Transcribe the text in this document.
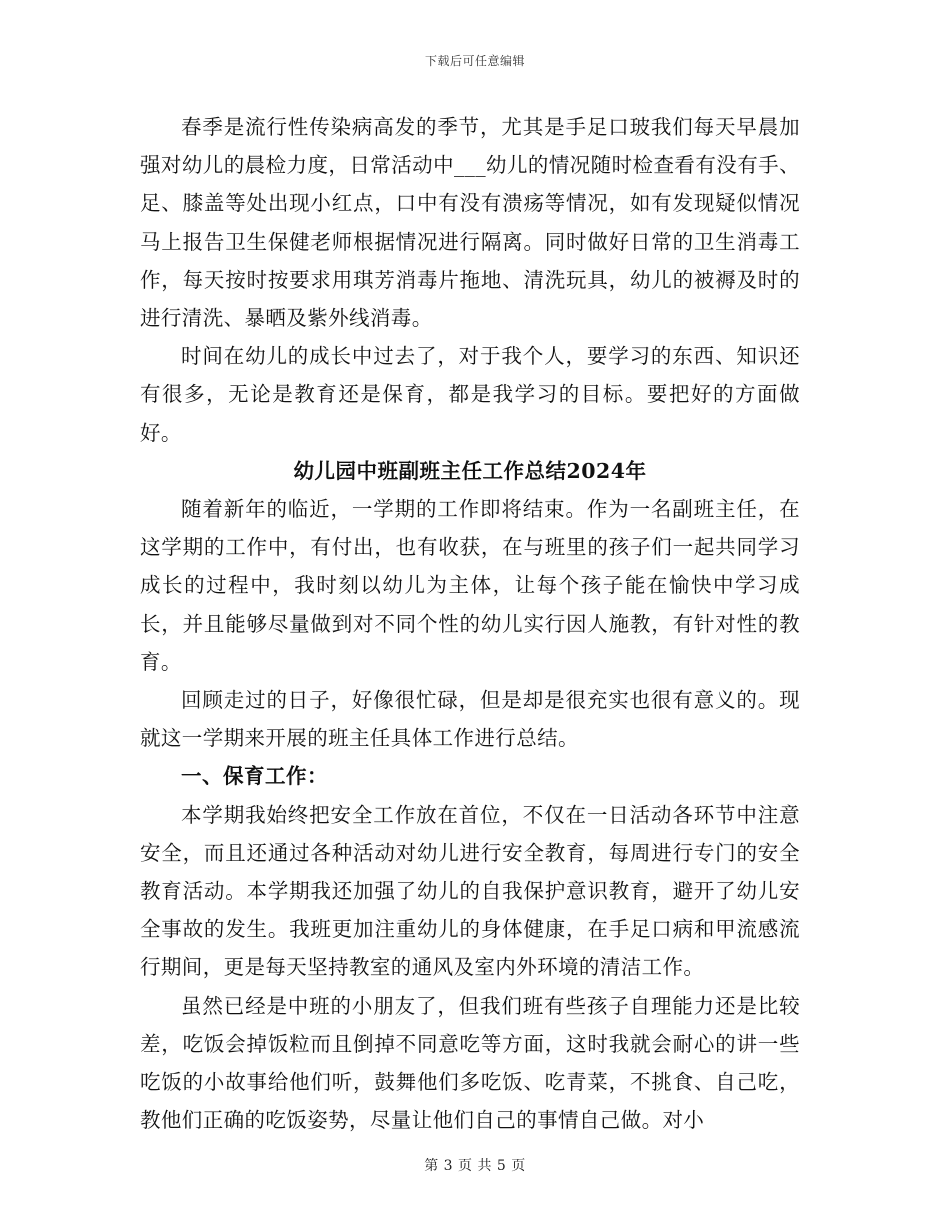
下载后可任意编辑

春季是流行性传染病高发的季节，尤其是手足口玻我们每天早晨加强对幼儿的晨检力度，日常活动中___幼儿的情况随时检查看有没有手、足、膝盖等处出现小红点，口中有没有溃疡等情况，如有发现疑似情况马上报告卫生保健老师根据情况进行隔离。同时做好日常的卫生消毒工作，每天按时按要求用琪芳消毒片拖地、清洗玩具，幼儿的被褥及时的进行清洗、暴晒及紫外线消毒。

时间在幼儿的成长中过去了，对于我个人，要学习的东西、知识还有很多，无论是教育还是保育，都是我学习的目标。要把好的方面做好。

幼儿园中班副班主任工作总结2024年

随着新年的临近，一学期的工作即将结束。作为一名副班主任，在这学期的工作中，有付出，也有收获，在与班里的孩子们一起共同学习成长的过程中，我时刻以幼儿为主体，让每个孩子能在愉快中学习成长，并且能够尽量做到对不同个性的幼儿实行因人施教，有针对性的教育。

回顾走过的日子，好像很忙碌，但是却是很充实也很有意义的。现就这一学期来开展的班主任具体工作进行总结。

一、保育工作：

本学期我始终把安全工作放在首位，不仅在一日活动各环节中注意安全，而且还通过各种活动对幼儿进行安全教育，每周进行专门的安全教育活动。本学期我还加强了幼儿的自我保护意识教育，避开了幼儿安全事故的发生。我班更加注重幼儿的身体健康，在手足口病和甲流感流行期间，更是每天坚持教室的通风及室内外环境的清洁工作。

虽然已经是中班的小朋友了，但我们班有些孩子自理能力还是比较差，吃饭会掉饭粒而且倒掉不同意吃等方面，这时我就会耐心的讲一些吃饭的小故事给他们听，鼓舞他们多吃饭、吃青菜，不挑食、自己吃，教他们正确的吃饭姿势，尽量让他们自己的事情自己做。对小

第 3 页 共 5 页
